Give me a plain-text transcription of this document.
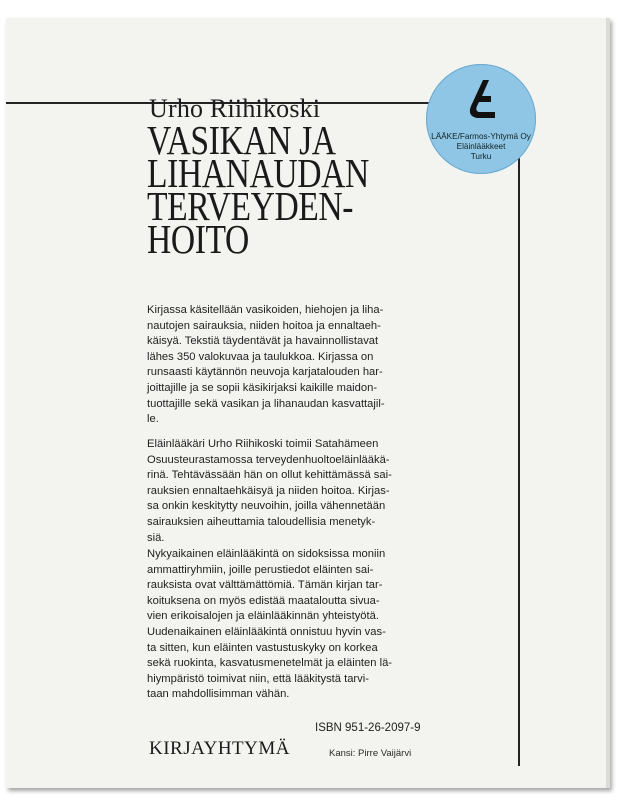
Urho Riihikoski
VASIKAN JA
LIHANAUDAN
TERVEYDEN-
HOITO
LÄÄKE/Farmos-Yhtymä Oy
Eläinlääkkeet
Turku
Kirjassa käsitellään vasikoiden, hiehojen ja liha-
nautojen sairauksia, niiden hoitoa ja ennaltaeh-
käisyä. Tekstiä täydentävät ja havainnollistavat
lähes 350 valokuvaa ja taulukkoa. Kirjassa on
runsaasti käytännön neuvoja karjatalouden har-
joittajille ja se sopii käsikirjaksi kaikille maidon-
tuottajille sekä vasikan ja lihanaudan kasvattajil-
le.
Eläinlääkäri Urho Riihikoski toimii Satahämeen
Osuusteurastamossa terveydenhuoltoeläinlääkä-
rinä. Tehtävässään hän on ollut kehittämässä sai-
rauksien ennaltaehkäisyä ja niiden hoitoa. Kirjas-
sa onkin keskitytty neuvoihin, joilla vähennetään
sairauksien aiheuttamia taloudellisia menetyk-
siä.
Nykyaikainen eläinlääkintä on sidoksissa moniin
ammattiryhmiin, joille perustiedot eläinten sai-
rauksista ovat välttämättömiä. Tämän kirjan tar-
koituksena on myös edistää maataloutta sivua-
vien erikoisalojen ja eläinlääkinnän yhteistyötä.
Uudenaikainen eläinlääkintä onnistuu hyvin vas-
ta sitten, kun eläinten vastustuskyky on korkea
sekä ruokinta, kasvatusmenetelmät ja eläinten lä-
hiympäristö toimivat niin, että lääkitystä tarvi-
taan mahdollisimman vähän.
ISBN 951-26-2097-9
KIRJAYHTYMÄ	Kansi: Pirre Vaijärvi
